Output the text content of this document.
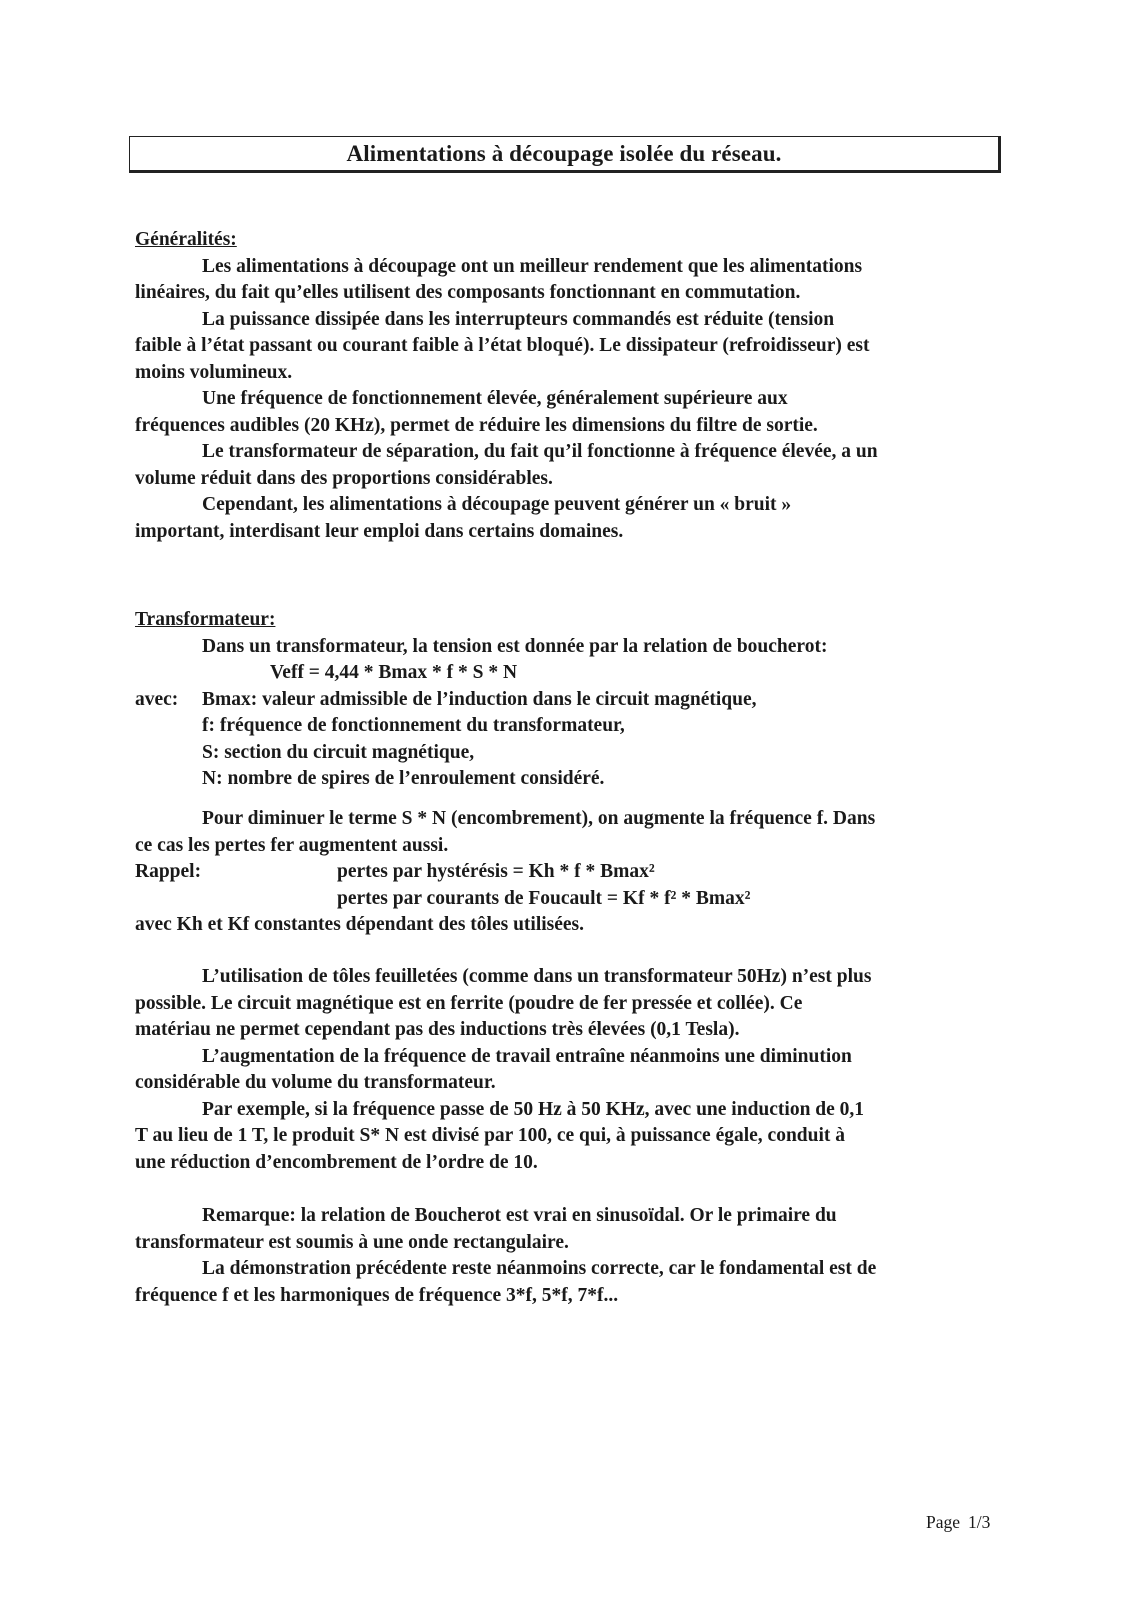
Alimentations à découpage isolée du réseau.
Généralités:
Les alimentations à découpage ont un meilleur rendement que les alimentations
linéaires, du fait qu’elles utilisent des composants fonctionnant en commutation.
La puissance dissipée dans les interrupteurs commandés est réduite (tension
faible à l’état passant ou courant faible à l’état bloqué). Le dissipateur (refroidisseur) est
moins volumineux.
Une fréquence de fonctionnement élevée, généralement supérieure aux
fréquences audibles (20 KHz), permet de réduire les dimensions du filtre de sortie.
Le transformateur de séparation, du fait qu’il fonctionne à fréquence élevée, a un
volume réduit dans des proportions considérables.
Cependant, les alimentations à découpage peuvent générer un « bruit »
important, interdisant leur emploi dans certains domaines.
Transformateur:
Dans un transformateur, la tension est donnée par la relation de boucherot:
Veff = 4,44 * Bmax * f * S * N
avec: Bmax: valeur admissible de l’induction dans le circuit magnétique,
f: fréquence de fonctionnement du transformateur,
S: section du circuit magnétique,
N: nombre de spires de l’enroulement considéré.
Pour diminuer le terme S * N (encombrement), on augmente la fréquence f. Dans
ce cas les pertes fer augmentent aussi.
Rappel:	pertes par hystérésis = Kh * f * Bmax²
pertes par courants de Foucault = Kf * f² * Bmax²
avec Kh et Kf constantes dépendant des tôles utilisées.
L’utilisation de tôles feuilletées (comme dans un transformateur 50Hz) n’est plus
possible. Le circuit magnétique est en ferrite (poudre de fer pressée et collée). Ce
matériau ne permet cependant pas des inductions très élevées (0,1 Tesla).
L’augmentation de la fréquence de travail entraîne néanmoins une diminution
considérable du volume du transformateur.
Par exemple, si la fréquence passe de 50 Hz à 50 KHz, avec une induction de 0,1
T au lieu de 1 T, le produit S* N est divisé par 100, ce qui, à puissance égale, conduit à
une réduction d’encombrement de l’ordre de 10.
Remarque: la relation de Boucherot est vrai en sinusoïdal. Or le primaire du
transformateur est soumis à une onde rectangulaire.
La démonstration précédente reste néanmoins correcte, car le fondamental est de
fréquence f et les harmoniques de fréquence 3*f, 5*f, 7*f...
Page 1/3
